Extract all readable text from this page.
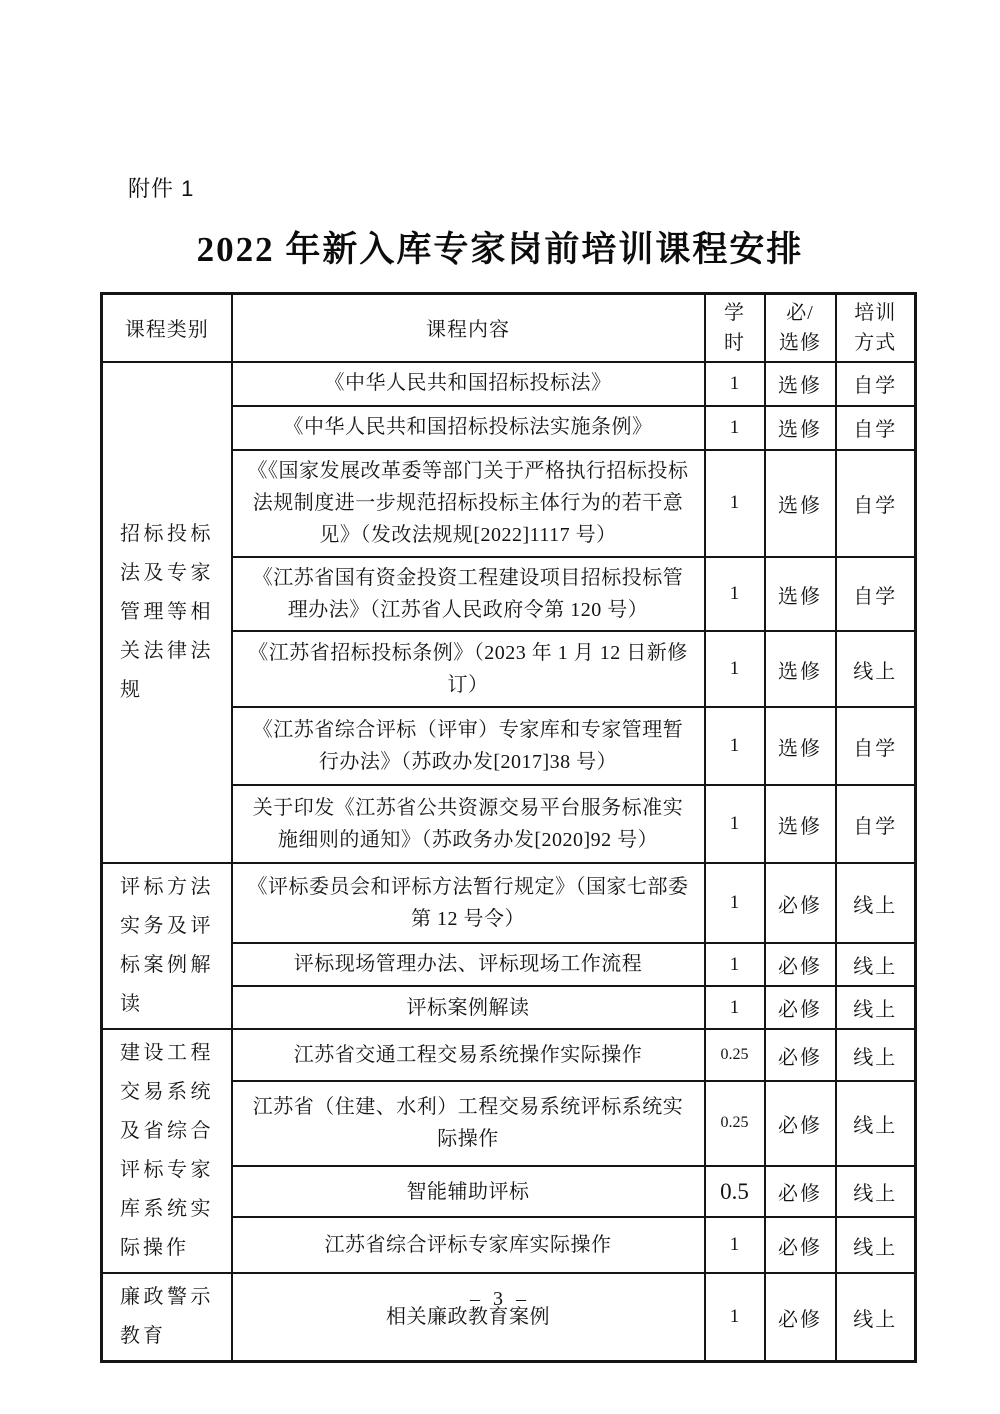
附件 1
2022 年新入库专家岗前培训课程安排
课程类别	课程内容	学时	必/选修	培训方式
招标投标法及专家管理等相关法律法规	《中华人民共和国招标投标法》	1	选修	自学
	《中华人民共和国招标投标法实施条例》	1	选修	自学
	《《国家发展改革委等部门关于严格执行招标投标法规制度进一步规范招标投标主体行为的若干意见》（发改法规规[2022]1117 号）	1	选修	自学
	《江苏省国有资金投资工程建设项目招标投标管理办法》（江苏省人民政府令第 120 号）	1	选修	自学
	《江苏省招标投标条例》（2023 年 1 月 12 日新修订）	1	选修	线上
	《江苏省综合评标（评审）专家库和专家管理暂行办法》（苏政办发[2017]38 号）	1	选修	自学
	关于印发《江苏省公共资源交易平台服务标准实施细则的通知》（苏政务办发[2020]92 号）	1	选修	自学
评标方法实务及评标案例解读	《评标委员会和评标方法暂行规定》（国家七部委第 12 号令）	1	必修	线上
	评标现场管理办法、评标现场工作流程	1	必修	线上
	评标案例解读	1	必修	线上
建设工程交易系统及省综合评标专家库系统实际操作	江苏省交通工程交易系统操作实际操作	0.25	必修	线上
	江苏省（住建、水利）工程交易系统评标系统实际操作	0.25	必修	线上
	智能辅助评标	0.5	必修	线上
	江苏省综合评标专家库实际操作	1	必修	线上
廉政警示教育	相关廉政教育案例	1	必修	线上
– 3 –
